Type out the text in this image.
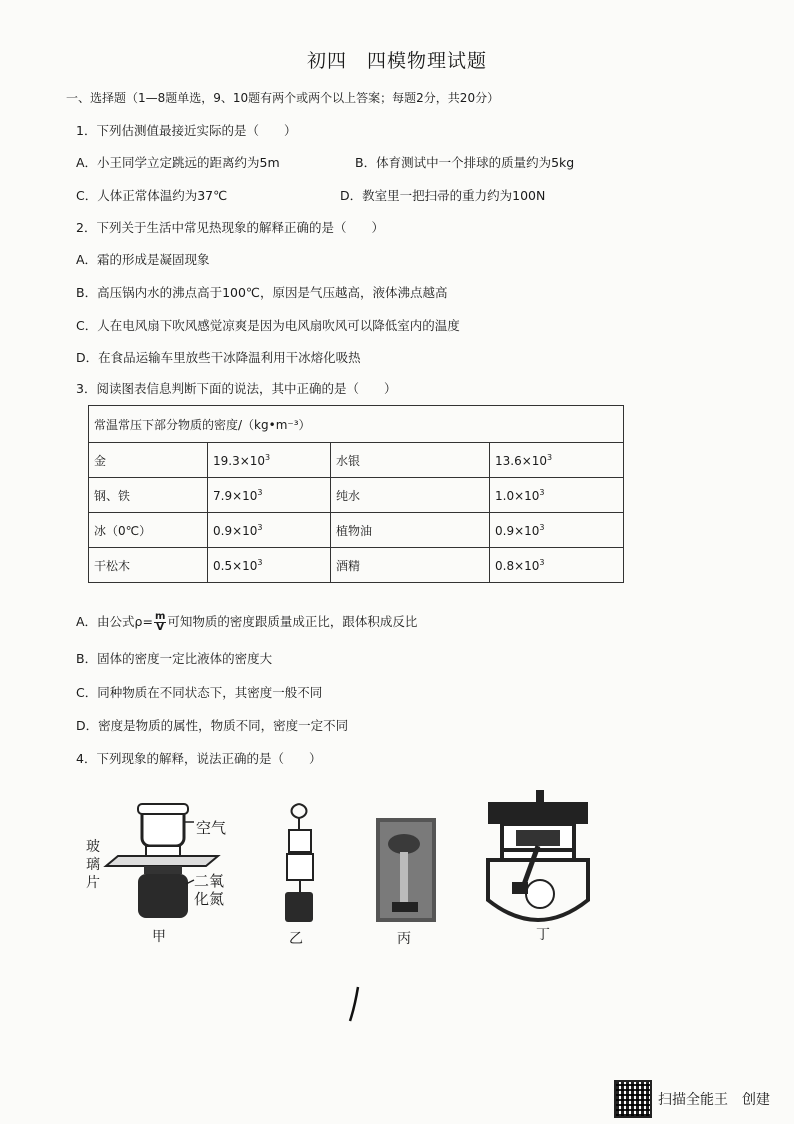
初四　四模物理试题
一、选择题（1—8题单选，9、10题有两个或两个以上答案；每题2分，共20分）
1．下列估测值最接近实际的是（　　）
A．小王同学立定跳远的距离约为5m	B．体育测试中一个排球的质量约为5kg
C．人体正常体温约为37℃	D．教室里一把扫帚的重力约为100N
2．下列关于生活中常见热现象的解释正确的是（　　）
A．霜的形成是凝固现象
B．高压锅内水的沸点高于100℃，原因是气压越高，液体沸点越高
C．人在电风扇下吹风感觉凉爽是因为电风扇吹风可以降低室内的温度
D．在食品运输车里放些干冰降温利用干冰熔化吸热
3．阅读图表信息判断下面的说法，其中正确的是（　　）
常温常压下部分物质的密度/（kg•m⁻³）			
金	$19.3\times 10^3$	水银	$13.6\times 10^3$
钢、铁	$7.9\times 10^3$	纯水	$1.0\times 10^3$
冰（0℃）	$0.9\times 10^3$	植物油	$0.9\times 10^3$
干松木	$0.5\times 10^3$	酒精	$0.8\times 10^3$
A．由公式$\rho= \frac{m}{V}$ 可知物质的密度跟质量成正比，跟体积成反比
B．固体的密度一定比液体的密度大
C．同种物质在不同状态下，其密度一般不同
D．密度是物质的属性，物质不同，密度一定不同
4．下列现象的解释，说法正确的是（　　）
空气
玻璃片	二氧化氮
甲	乙	丙	丁
扫描全能王　创建
